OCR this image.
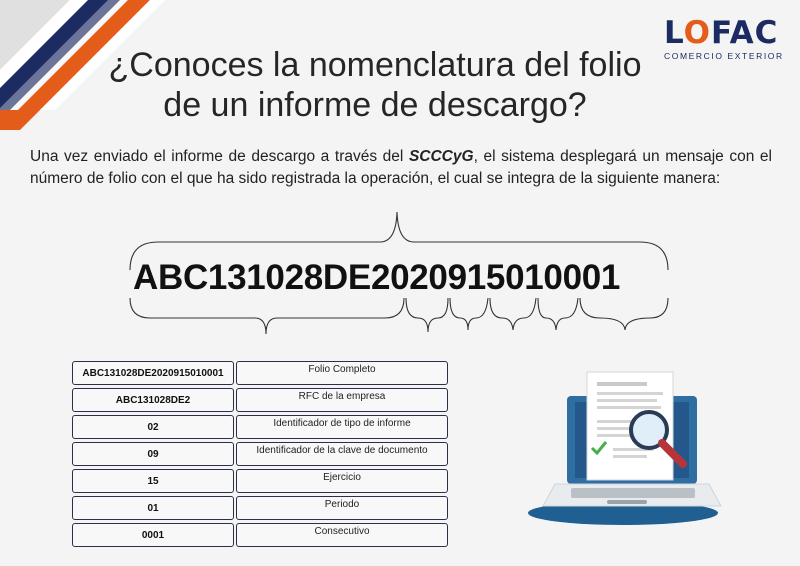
¿Conoces la nomenclatura del folio de un informe de descargo?
LOFAC
COMERCIO EXTERIOR

Una vez enviado el informe de descargo a través del SCCCyG, el sistema desplegará un mensaje con el número de folio con el que ha sido registrada la operación, el cual se integra de la siguiente manera:

ABC131028DE2020915010001
ABC131028DE2020915010001	Folio Completo
ABC131028DE2	RFC de la empresa
02	Identificador de tipo de informe
09	Identificador de la clave de documento
15	Ejercicio
01	Periodo
0001	Consecutivo
